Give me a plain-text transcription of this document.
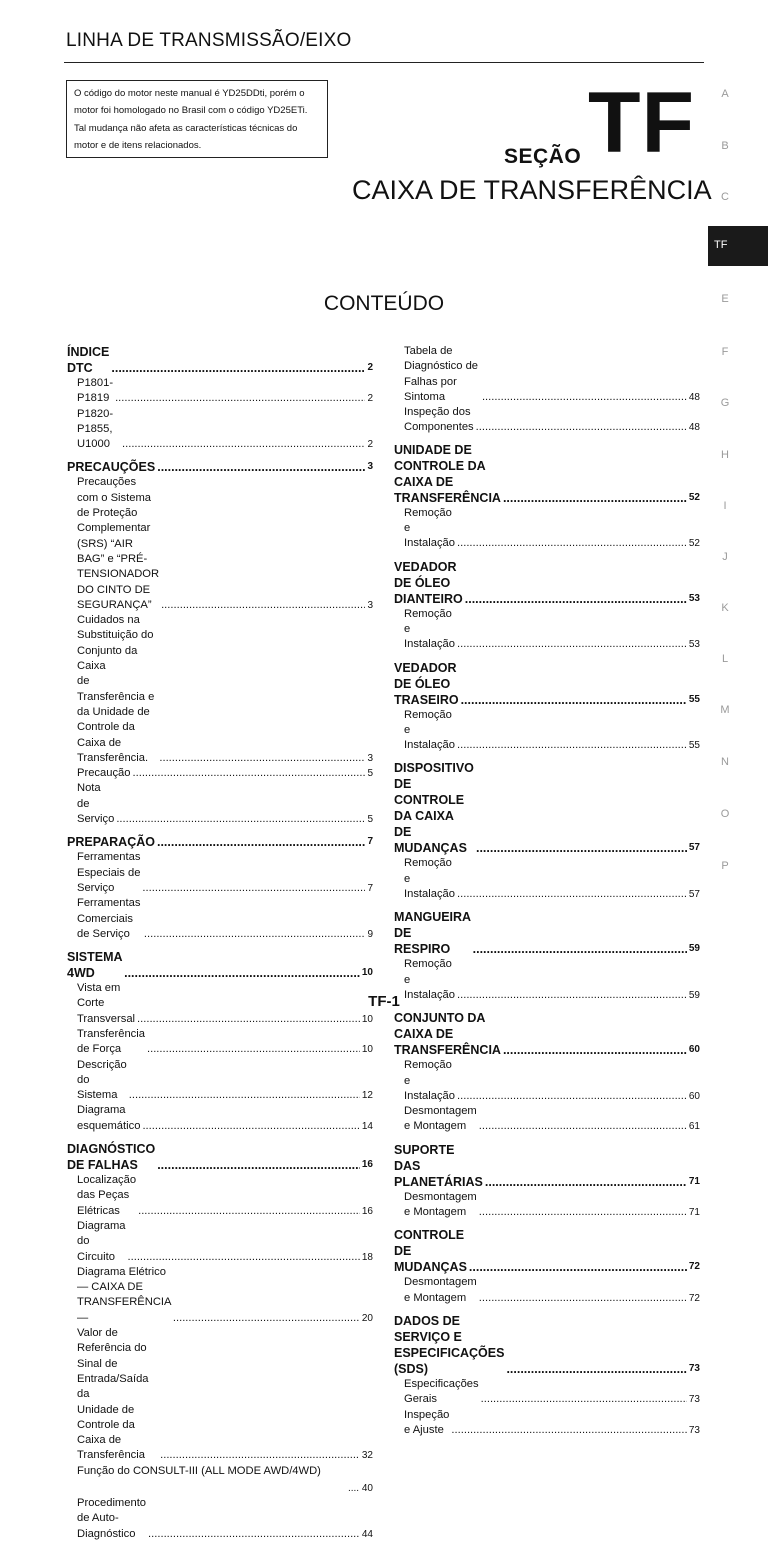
LINHA DE TRANSMISSÃO/EIXO
O código do motor neste manual é YD25DDti, porém o
motor foi homologado no Brasil com o código YD25ETi.
Tal mudança não afeta as características técnicas do
motor e de itens relacionados.	SEÇÃO TF
CAIXA DE TRANSFERÊNCIA
CONTEÚDO
A
B
C
E
F
G
H
I
J
K
L
M
N
O
P
TF
ÍNDICE DTC .....	2
P1801-P1819 .....	2
P1820-P1855, U1000 .....	2
PRECAUÇÕES .....	3
Precauções com o Sistema de Proteção
Complementar (SRS) “AIR BAG” e “PRÉ-
TENSIONADOR DO CINTO DE SEGURANÇA” .....	3
Cuidados na Substituição do Conjunto da Caixa
de Transferência e da Unidade de Controle da
Caixa de Transferência. .....	3
Precaução .....	5
Nota de Serviço .....	5
PREPARAÇÃO .....	7
Ferramentas Especiais de Serviço .....	7
Ferramentas Comerciais de Serviço .....	9
SISTEMA 4WD .....	10
Vista em Corte Transversal .....	10
Transferência de Força .....	10
Descrição do Sistema .....	12
Diagrama esquemático .....	14
DIAGNÓSTICO DE FALHAS .....	16
Localização das Peças Elétricas .....	16
Diagrama do Circuito .....	18
Diagrama Elétrico — CAIXA DE
TRANSFERÊNCIA — .....	20
Valor de Referência do Sinal de Entrada/Saída da
Unidade de Controle da Caixa de Transferência .....	32
Função do CONSULT-III (ALL MODE AWD/4WD)
.... 40
Procedimento de Auto-Diagnóstico .....	44
Tabela de Diagnóstico de Falhas por Sintoma .....	48
Inspeção dos Componentes .....	48
UNIDADE DE CONTROLE DA CAIXA DE
TRANSFERÊNCIA .....	52
Remoção e Instalação .....	52
VEDADOR DE ÓLEO DIANTEIRO .....	53
Remoção e Instalação .....	53
VEDADOR DE ÓLEO TRASEIRO .....	55
Remoção e Instalação .....	55
DISPOSITIVO DE CONTROLE DA CAIXA DE
MUDANÇAS .....	57
Remoção e Instalação .....	57
MANGUEIRA DE RESPIRO .....	59
Remoção e Instalação .....	59
CONJUNTO DA CAIXA DE
TRANSFERÊNCIA .....	60
Remoção e Instalação .....	60
Desmontagem e Montagem .....	61
SUPORTE DAS PLANETÁRIAS .....	71
Desmontagem e Montagem .....	71
CONTROLE DE MUDANÇAS .....	72
Desmontagem e Montagem .....	72
DADOS DE SERVIÇO E ESPECIFICAÇÕES
(SDS) .....	73
Especificações Gerais .....	73
Inspeção e Ajuste .....	73
TF-1
